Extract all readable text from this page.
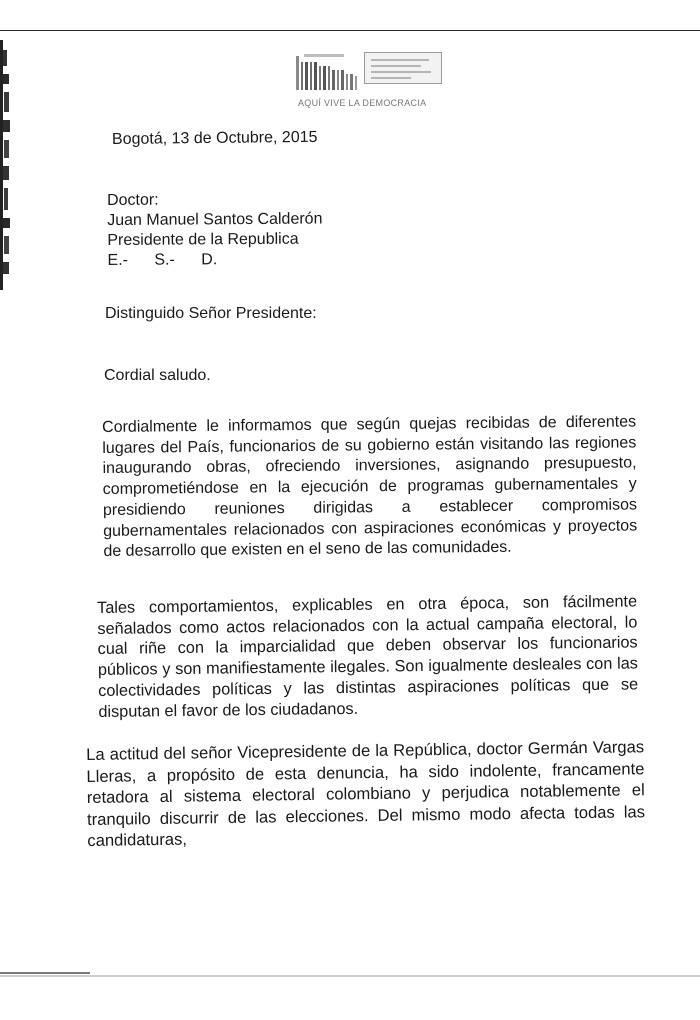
AQUÍ VIVE LA DEMOCRACIA
Bogotá, 13 de Octubre, 2015
Doctor:
Juan Manuel Santos Calderón
Presidente de la Republica
E.- S.- D.
Distinguido Señor Presidente:
Cordial saludo.
Cordialmente le informamos que según quejas recibidas de diferentes lugares del País, funcionarios de su gobierno están visitando las regiones inaugurando obras, ofreciendo inversiones, asignando presupuesto, comprometiéndose en la ejecución de programas gubernamentales y presidiendo reuniones dirigidas a establecer compromisos gubernamentales relacionados con aspiraciones económicas y proyectos de desarrollo que existen en el seno de las comunidades.
Tales comportamientos, explicables en otra época, son fácilmente señalados como actos relacionados con la actual campaña electoral, lo cual riñe con la imparcialidad que deben observar los funcionarios públicos y son manifiestamente ilegales. Son igualmente desleales con las colectividades políticas y las distintas aspiraciones políticas que se disputan el favor de los ciudadanos.
La actitud del señor Vicepresidente de la República, doctor Germán Vargas Lleras, a propósito de esta denuncia, ha sido indolente, francamente retadora al sistema electoral colombiano y perjudica notablemente el tranquilo discurrir de las elecciones. Del mismo modo afecta todas las candidaturas,
